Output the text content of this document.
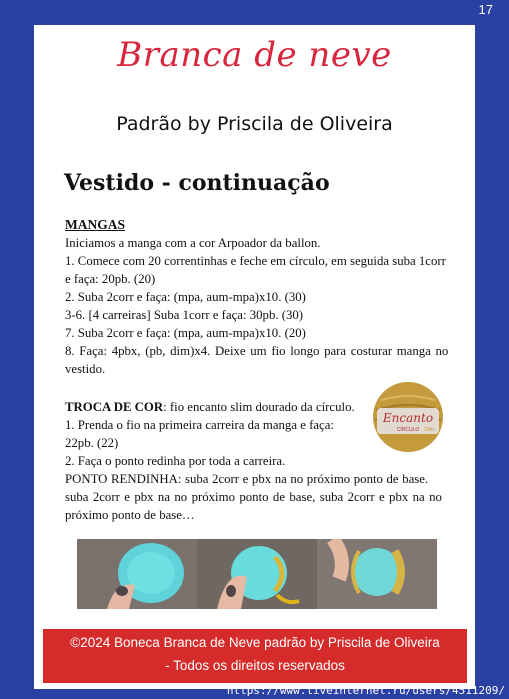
17
Branca de neve
Padrão by Priscila de Oliveira
Vestido - continuação
MANGAS
Iniciamos a manga com a cor Arpoador da ballon.
1. Comece com 20 correntinhas e feche em círculo, em seguida suba 1corr
e faça: 20pb. (20)
2. Suba 2corr e faça: (mpa, aum-mpa)x10. (30)
3-6. [4 carreiras] Suba 1corr e faça: 30pb. (30)
7. Suba 2corr e faça: (mpa, aum-mpa)x10. (20)
8. Faça: 4pbx, (pb, dim)x4. Deixe um fio longo para costurar manga no
vestido.
TROCA DE COR: fio encanto slim dourado da círculo.
1. Prenda o fio na primeira carreira da manga e faça:
22pb. (22)
2. Faça o ponto redinha por toda a carreira.
PONTO RENDINHA: suba 2corr e pbx na no próximo ponto de base.
suba 2corr e pbx na no próximo ponto de base, suba 2corr e pbx na no
próximo ponto de base…
Encanto
CÍRCULO Slim
©2024 Boneca Branca de Neve padrão by Priscila de Oliveira
- Todos os direitos reservados
https://www.liveinternet.ru/users/4511209/
